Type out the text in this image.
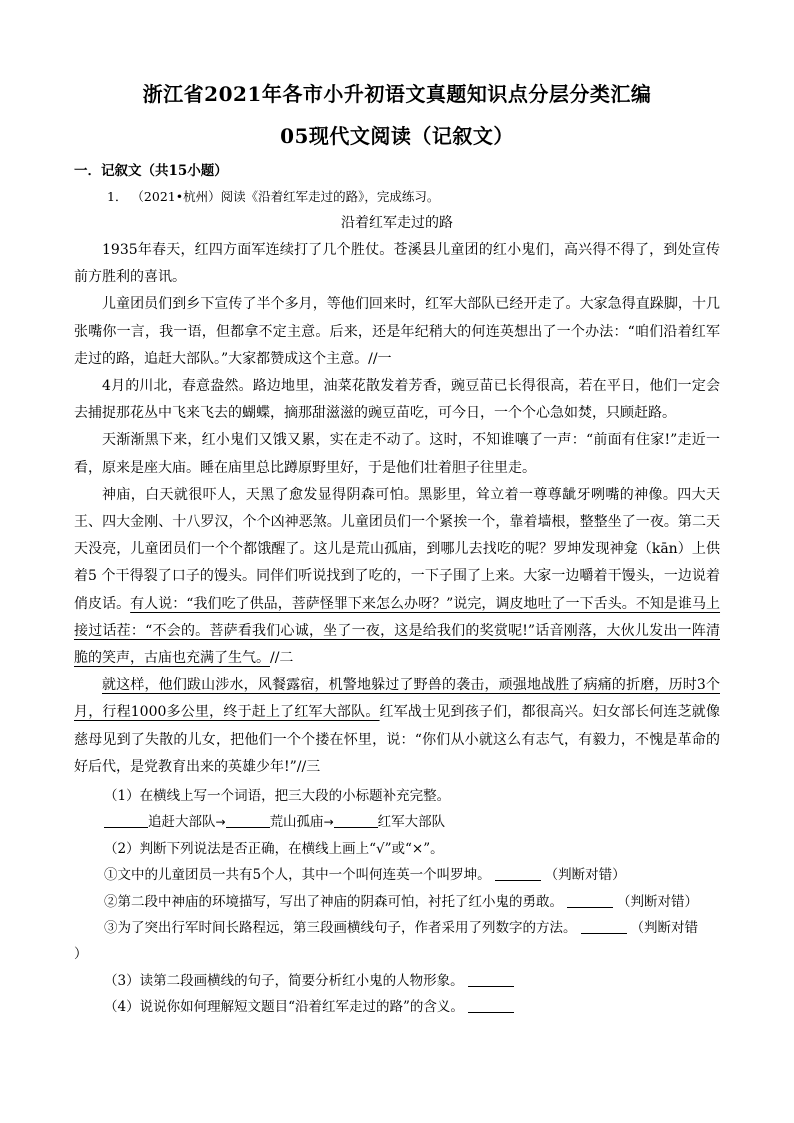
浙江省2021年各市小升初语文真题知识点分层分类汇编
05现代文阅读（记叙文）
一．记叙文（共15小题）
1． （2021•杭州）阅读《沿着红军走过的路》，完成练习。
沿着红军走过的路

1935年春天，红四方面军连续打了几个胜仗。苍溪县儿童团的红小鬼们，高兴得不得了，到处宣传前方胜利的喜讯。

儿童团员们到乡下宣传了半个多月，等他们回来时，红军大部队已经开走了。大家急得直跺脚，十几张嘴你一言，我一语，但都拿不定主意。后来，还是年纪稍大的何连英想出了一个办法：“咱们沿着红军走过的路，追赶大部队。”大家都赞成这个主意。//一

4月的川北，春意盎然。路边地里，油菜花散发着芳香，豌豆苗已长得很高，若在平日，他们一定会去捕捉那花丛中飞来飞去的蝴蝶，摘那甜滋滋的豌豆苗吃，可今日，一个个心急如焚，只顾赶路。

天渐渐黑下来，红小鬼们又饿又累，实在走不动了。这时，不知谁嚷了一声：“前面有住家!”走近一看，原来是座大庙。睡在庙里总比蹲原野里好，于是他们壮着胆子往里走。

神庙，白天就很吓人，天黑了愈发显得阴森可怕。黑影里，耸立着一尊尊龇牙咧嘴的神像。四大天王、四大金刚、十八罗汉，个个凶神恶煞。儿童团员们一个紧挨一个，靠着墙根，整整坐了一夜。第二天天没亮，儿童团员们一个个都饿醒了。这儿是荒山孤庙，到哪儿去找吃的呢？罗坤发现神龛（kān）上供着5 个干得裂了口子的馒头。同伴们听说找到了吃的，一下子围了上来。大家一边嚼着干馒头，一边说着俏皮话。有人说：“我们吃了供品，菩萨怪罪下来怎么办呀？”说完，调皮地吐了一下舌头。不知是谁马上接过话茬：“不会的。菩萨看我们心诚，坐了一夜，这是给我们的奖赏呢!”话音刚落，大伙儿发出一阵清脆的笑声，古庙也充满了生气。//二

就这样，他们跋山涉水，风餐露宿，机警地躲过了野兽的袭击，顽强地战胜了病痛的折磨，历时3个月，行程1000多公里，终于赶上了红军大部队。红军战士见到孩子们，都很高兴。妇女部长何连芝就像慈母见到了失散的儿女，把他们一个个搂在怀里，说：“你们从小就这么有志气，有毅力，不愧是革命的好后代，是党教育出来的英雄少年!”//三

（1）在横线上写一个词语，把三大段的小标题补充完整。
追赶大部队→	荒山孤庙→	红军大部队
（2）判断下列说法是否正确，在横线上画上“√”或“×”。
①文中的儿童团员一共有5个人，其中一个叫何连英一个叫罗坤。	（判断对错）
②第二段中神庙的环境描写，写出了神庙的阴森可怕，衬托了红小鬼的勇敢。	（判断对错）
③为了突出行军时间长路程远，第三段画横线句子，作者采用了列数字的方法。	（判断对错
）
（3）读第二段画横线的句子，简要分析红小鬼的人物形象。
（4）说说你如何理解短文题目“沿着红军走过的路”的含义。
